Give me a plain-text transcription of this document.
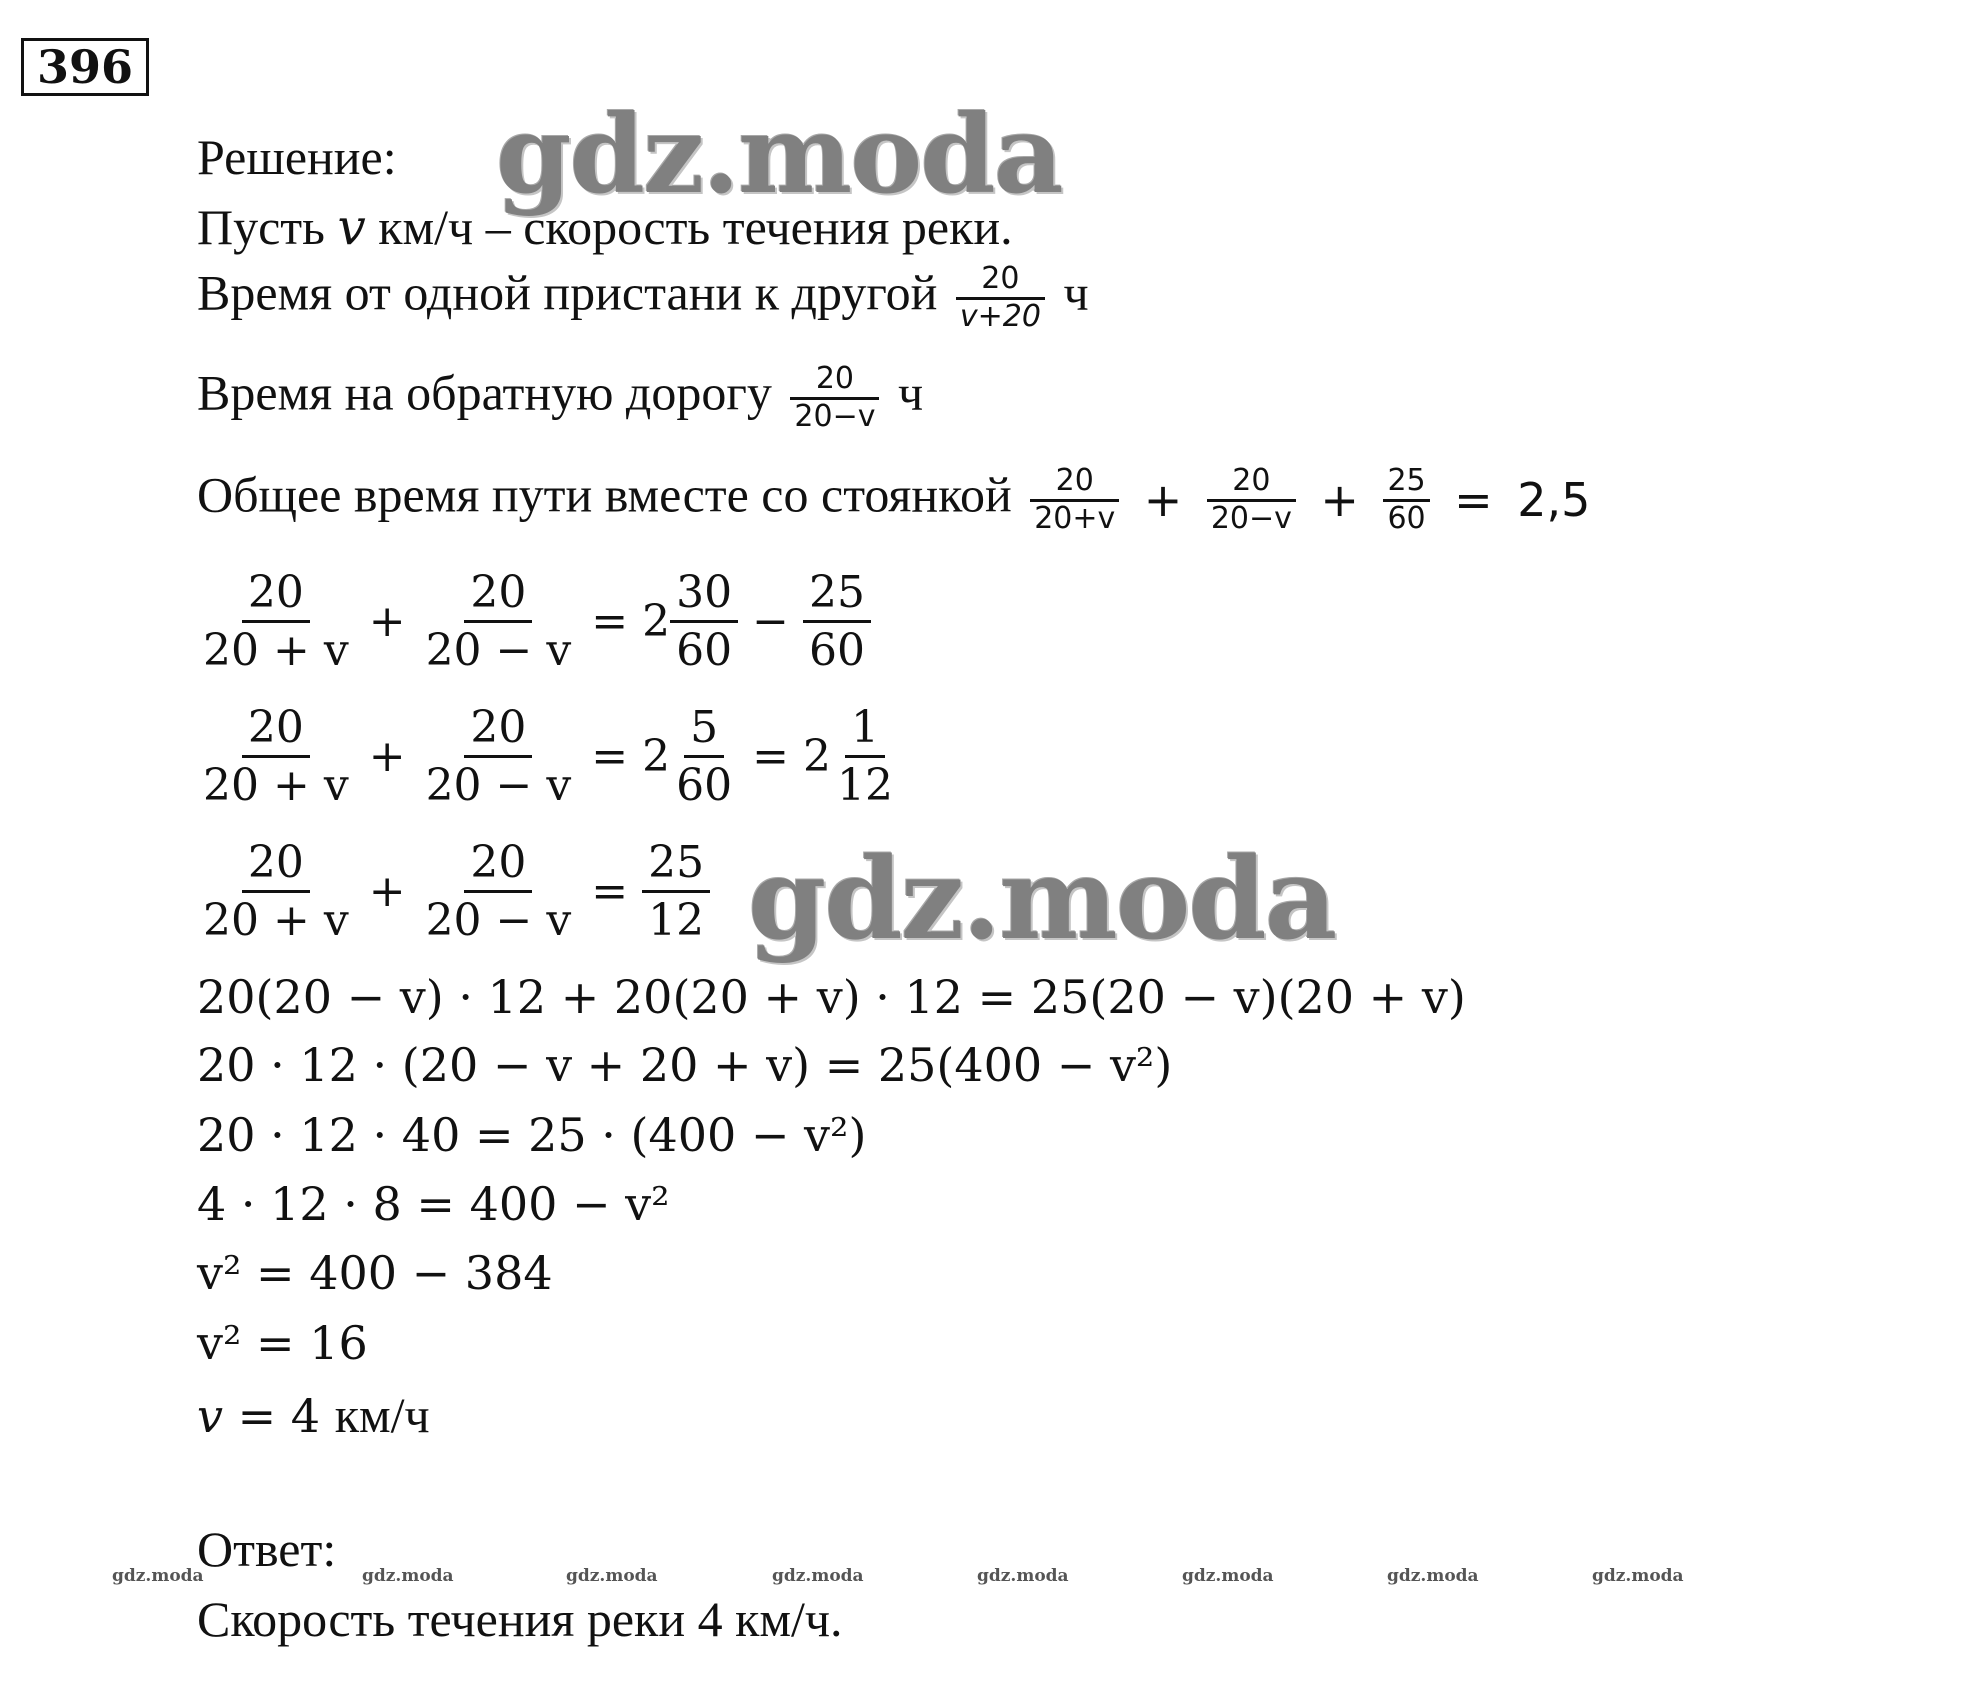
396
gdz.moda
gdz.moda
Решение:
Пусть v км/ч – скорость течения реки.
Время от одной пристани к другой $\frac{20}{v+20}$ ч
Время на обратную дорогу $\frac{20}{20-v}$ ч
Общее время пути вместе со стоянкой $\frac{20}{20+v} + \frac{20}{20-v} + \frac{25}{60} = 2,5$
$\frac{20}{20 + v} + \frac{20}{20 - v} = 2 \frac{30}{60} - \frac{25}{60}$
$\frac{20}{20 + v} + \frac{20}{20 - v} = 2 \frac{5}{60} = 2 \frac{1}{12}$
$\frac{20}{20 + v} + \frac{20}{20 - v} = \frac{25}{12}$
20(20 − v) · 12 + 20(20 + v) · 12 = 25(20 − v)(20 + v)
20 · 12 · (20 − v + 20 + v) = 25(400 − v²)
20 · 12 · 40 = 25 · (400 − v²)
4 · 12 · 8 = 400 − v²
v² = 400 − 384
v² = 16
v = 4 км/ч
Ответ:
gdz.moda	gdz.moda	gdz.moda	gdz.moda	gdz.moda	gdz.moda	gdz.moda	gdz.moda
Скорость течения реки 4 км/ч.
